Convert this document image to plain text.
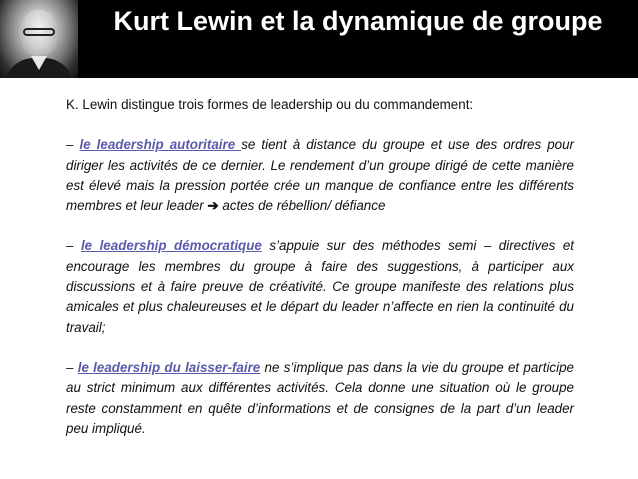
Kurt Lewin et la dynamique de groupe

K. Lewin distingue trois formes de leadership ou du commandement:

– le leadership autoritaire se tient à distance du groupe et use des ordres pour diriger les activités de ce dernier. Le rendement d’un groupe dirigé de cette manière est élevé mais la pression portée crée un manque de confiance entre les différents membres et leur leader ➔ actes de rébellion/ défiance

– le leadership démocratique s’appuie sur des méthodes semi – directives et encourage les membres du groupe à faire des suggestions, à participer aux discussions et à faire preuve de créativité. Ce groupe manifeste des relations plus amicales et plus chaleureuses et le départ du leader n’affecte en rien la continuité du travail;

– le leadership du laisser-faire ne s’implique pas dans la vie du groupe et participe au strict minimum aux différentes activités. Cela donne une situation où le groupe reste constamment en quête d’informations et de consignes de la part d’un leader peu impliqué.
